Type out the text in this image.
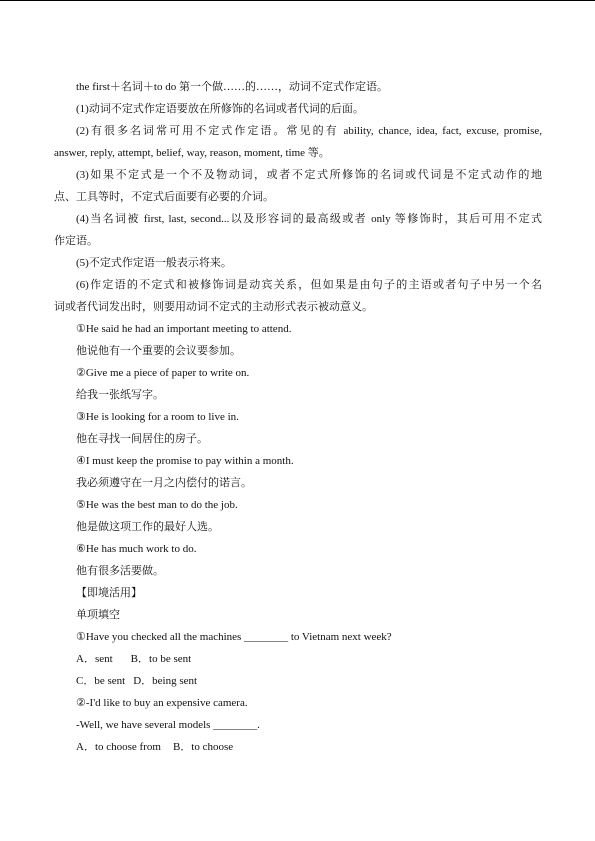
the first＋名词＋to do 第一个做……的……，动词不定式作定语。
(1)动词不定式作定语要放在所修饰的名词或者代词的后面。
(2)有很多名词常可用不定式作定语。常见的有 ability, chance, idea, fact, excuse, promise,
answer, reply, attempt, belief, way, reason, moment, time 等。
(3)如果不定式是一个不及物动词，或者不定式所修饰的名词或代词是不定式动作的地
点、工具等时，不定式后面要有必要的介词。
(4)当名词被 first, last, second...以及形容词的最高级或者 only 等修饰时，其后可用不定式
作定语。
(5)不定式作定语一般表示将来。
(6)作定语的不定式和被修饰词是动宾关系，但如果是由句子的主语或者句子中另一个名
词或者代词发出时，则要用动词不定式的主动形式表示被动意义。
①He said he had an important meeting to attend.
他说他有一个重要的会议要参加。
②Give me a piece of paper to write on.
给我一张纸写字。
③He is looking for a room to live in.
他在寻找一间居住的房子。
④I must keep the promise to pay within a month.
我必须遵守在一月之内偿付的诺言。
⑤He was the best man to do the job.
他是做这项工作的最好人选。
⑥He has much work to do.
他有很多活要做。
【即境活用】
单项填空
①Have you checked all the machines ________ to Vietnam next week?
A．sent B．to be sent
C．be sent D．being sent
②-I'd like to buy an expensive camera.
-Well, we have several models ________.
A．to choose from B．to choose
